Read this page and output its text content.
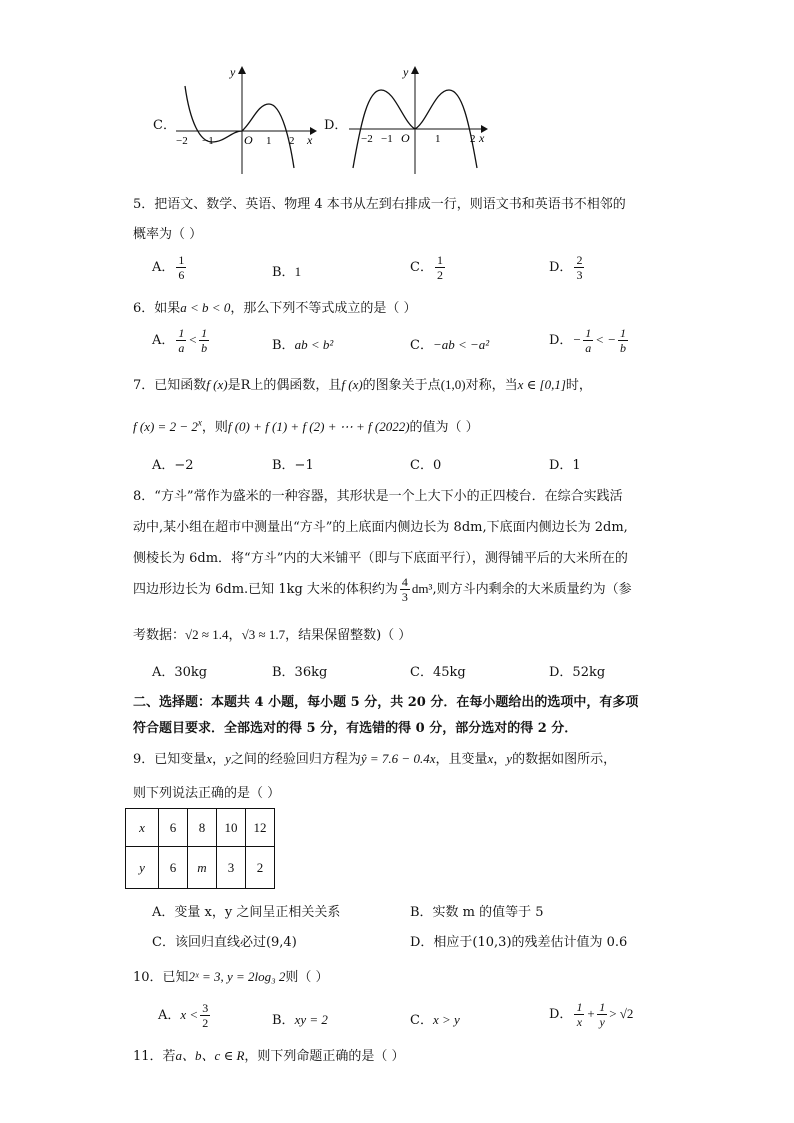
C．
y
x
O
−2 −1	1 2
D．
y
x
O
−2 −1	1	2
5．把语文、数学、英语、物理 4 本书从左到右排成一行，则语文书和英语书不相邻的
概率为（ ）
A． $\frac{1}{6}$	B．1	C． $\frac{1}{2}$	D． $\frac{2}{3}$
6．如果a < b < 0，那么下列不等式成立的是（ ）
A． $\frac{1}{a} < \frac{1}{b}$	B．ab < b²	C．−ab < −a²	D．− $\frac{1}{a}$ < − $\frac{1}{b}$
7．已知函数f (x)是R上的偶函数，且f (x)的图象关于点(1,0)对称，当x ∈ [0,1]时，
f $(x) = 2 - 2^x$，则f (0) + f (1) + f (2) + ⋯ + f (2022)的值为（ ）
A．−2	B．−1	C．0	D．1
8．“方斗”常作为盛米的一种容器，其形状是一个上大下小的正四棱台．在综合实践活
动中,某小组在超市中测量出“方斗”的上底面内侧边长为 8dm,下底面内侧边长为 2dm,
侧棱长为 6dm．将“方斗”内的大米铺平（即与下底面平行），测得铺平后的大米所在的
四边形边长为 6dm.已知 1kg 大米的体积约为 $\frac{4}{3} dm^3$,则方斗内剩余的大米质量约为（参
考数据：√2 ≈ 1.4，√3 ≈ 1.7，结果保留整数)（ ）
A．30kg	B．36kg	C．45kg	D．52kg
二、选择题：本题共 4 小题，每小题 5 分，共 20 分．在每小题给出的选项中，有多项
符合题目要求．全部选对的得 5 分，有选错的得 0 分，部分选对的得 2 分．
9．已知变量x，y之间的经验回归方程为ŷ = 7.6 − 0.4x，且变量x，y的数据如图所示，
则下列说法正确的是（ ）
x	6	8	10	12
y	6	m	3	2
A．变量 x，y 之间呈正相关关系	B．实数 m 的值等于 5
C．该回归直线必过(9,4)	D．相应于(10,3)的残差估计值为 0.6
10．已知2ˣ = 3, y = 2log₃ 2则（ ）
A．$x < \frac{3}{2}$	B．xy = 2	C．x > y	D． $\frac{1}{x} + \frac{1}{y} > √2$
11．若a、b、c ∈ R，则下列命题正确的是（ ）
